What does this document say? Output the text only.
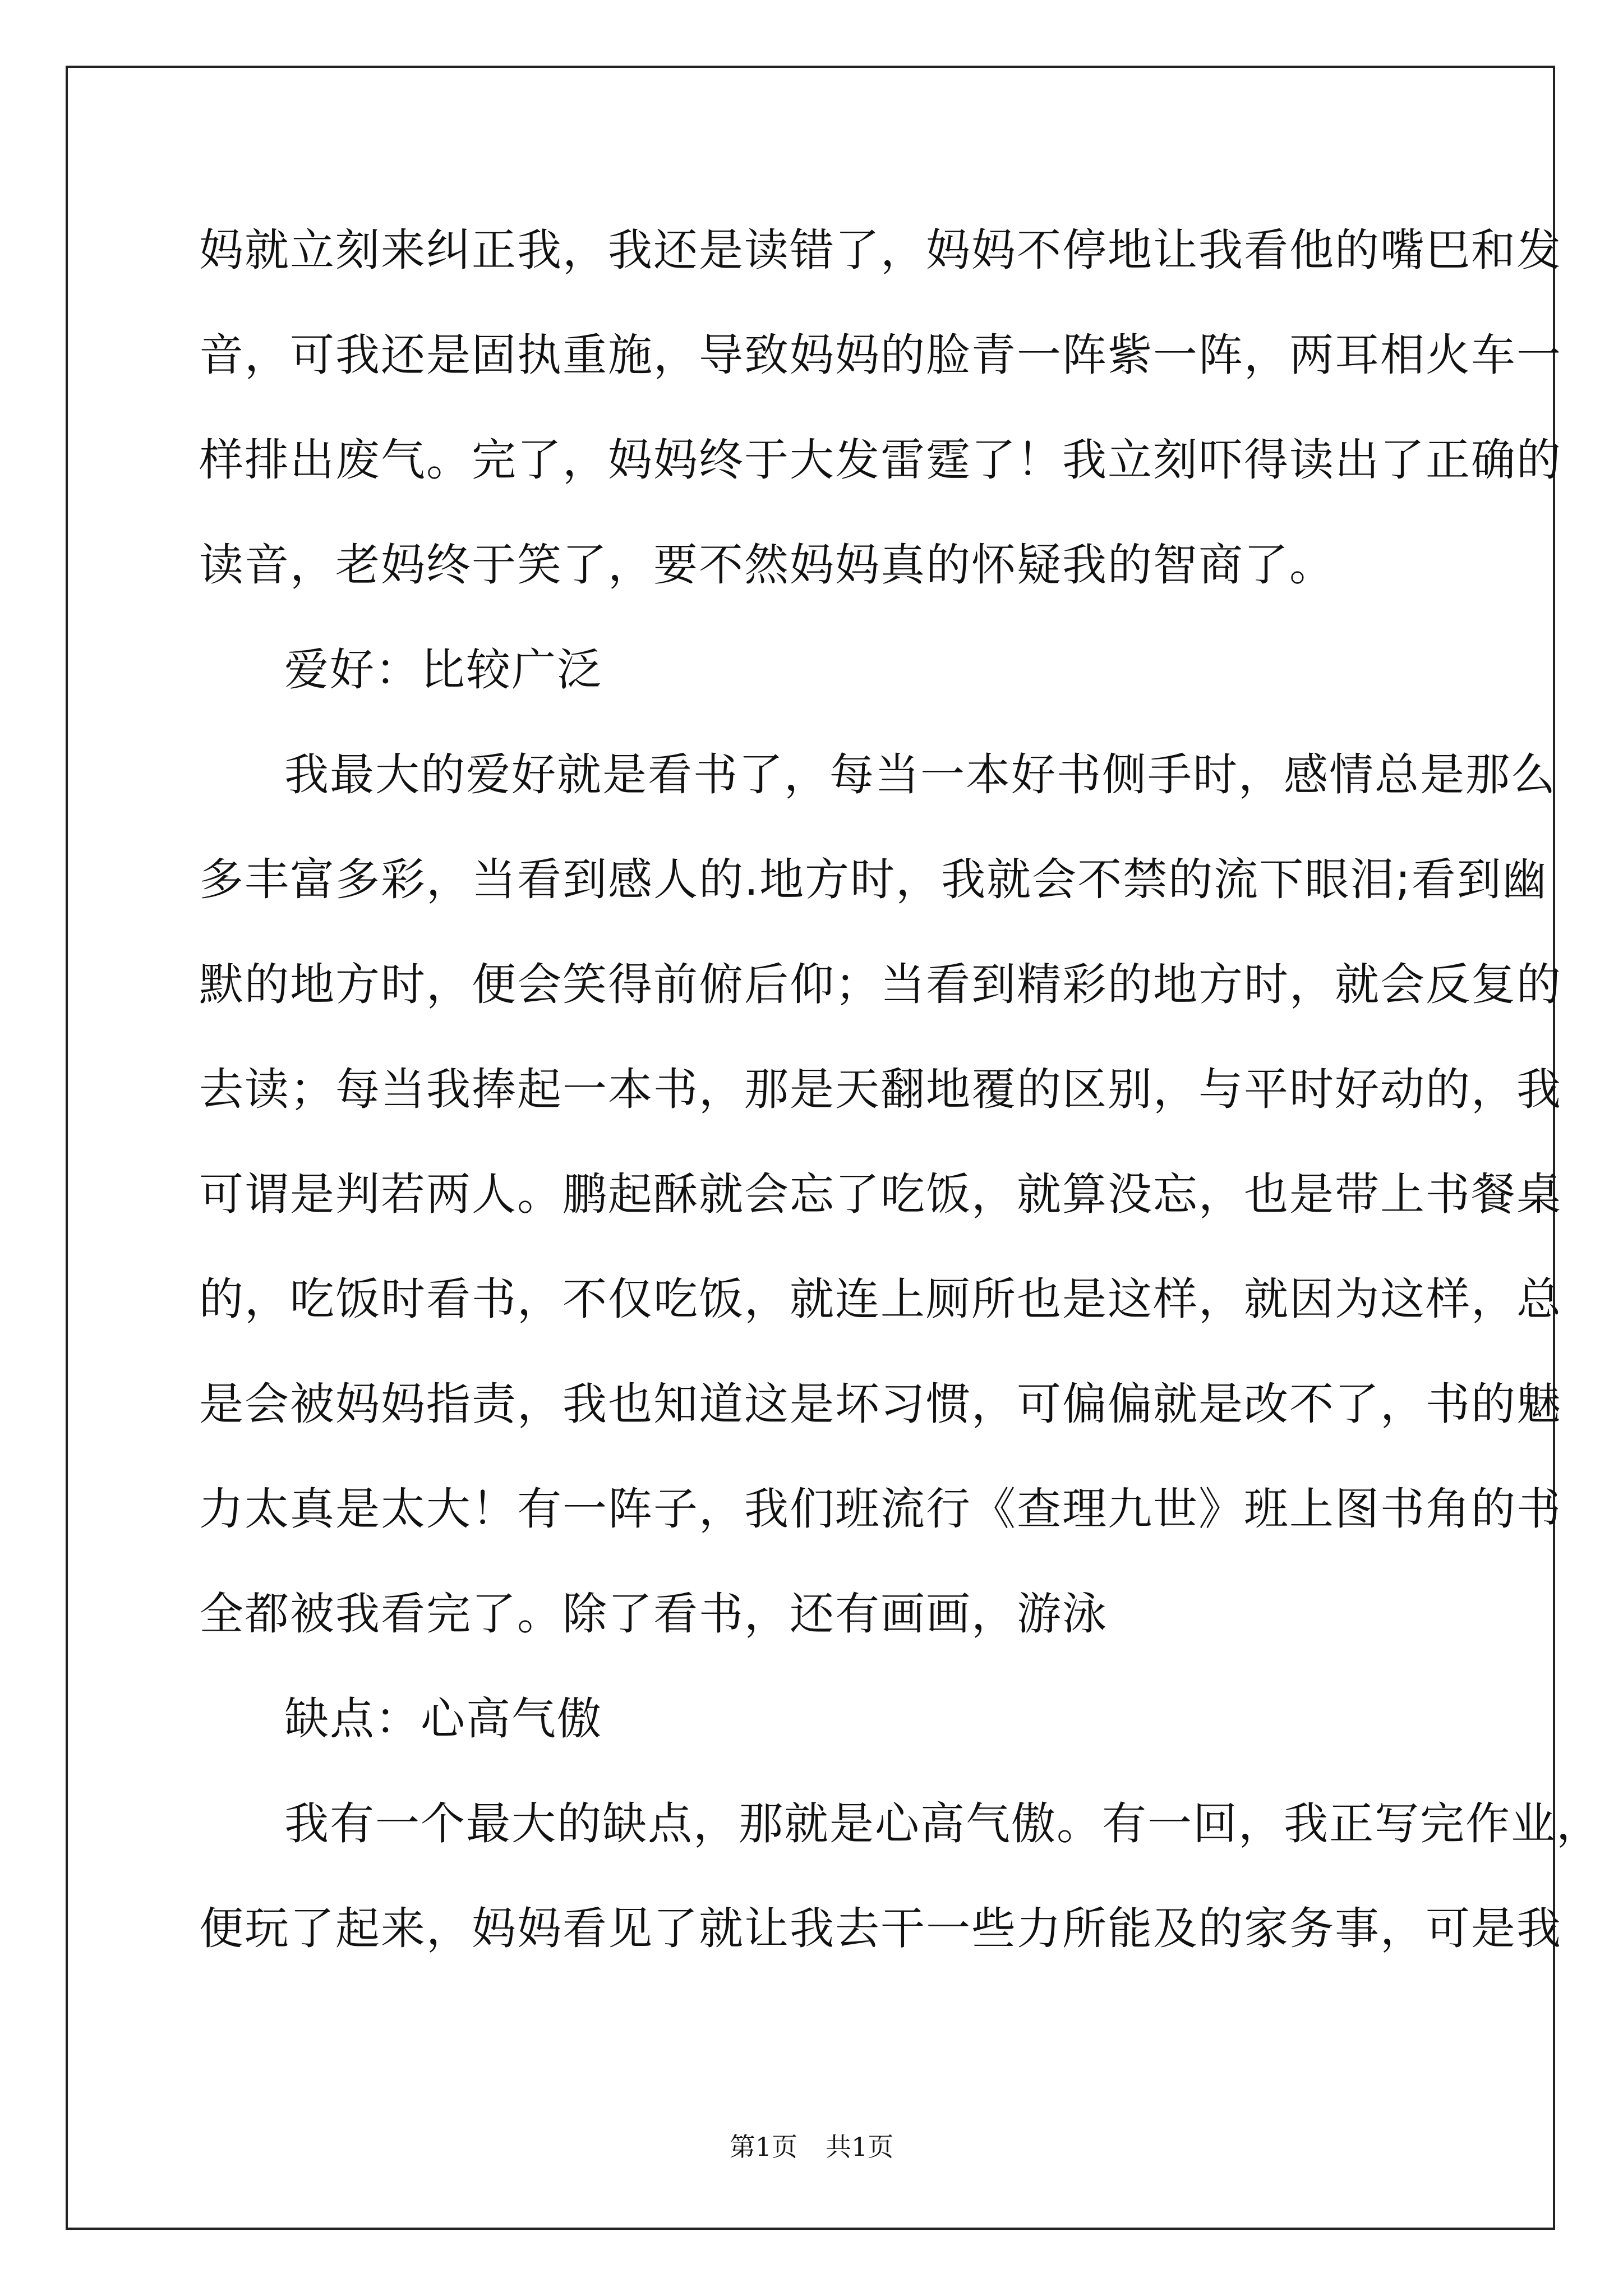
妈就立刻来纠正我，我还是读错了，妈妈不停地让我看他的嘴巴和发
音，可我还是固执重施，导致妈妈的脸青一阵紫一阵，两耳相火车一
样排出废气。完了，妈妈终于大发雷霆了！我立刻吓得读出了正确的
读音，老妈终于笑了，要不然妈妈真的怀疑我的智商了。
爱好：比较广泛
我最大的爱好就是看书了，每当一本好书侧手时，感情总是那么
多丰富多彩，当看到感人的.地方时，我就会不禁的流下眼泪;看到幽
默的地方时，便会笑得前俯后仰；当看到精彩的地方时，就会反复的
去读；每当我捧起一本书，那是天翻地覆的区别，与平时好动的，我
可谓是判若两人。鹏起酥就会忘了吃饭，就算没忘，也是带上书餐桌
的，吃饭时看书，不仅吃饭，就连上厕所也是这样，就因为这样，总
是会被妈妈指责，我也知道这是坏习惯，可偏偏就是改不了，书的魅
力太真是太大！有一阵子，我们班流行《查理九世》班上图书角的书
全都被我看完了。除了看书，还有画画，游泳
缺点：心高气傲
我有一个最大的缺点，那就是心高气傲。有一回，我正写完作业，
便玩了起来，妈妈看见了就让我去干一些力所能及的家务事，可是我
第1页 共1页
